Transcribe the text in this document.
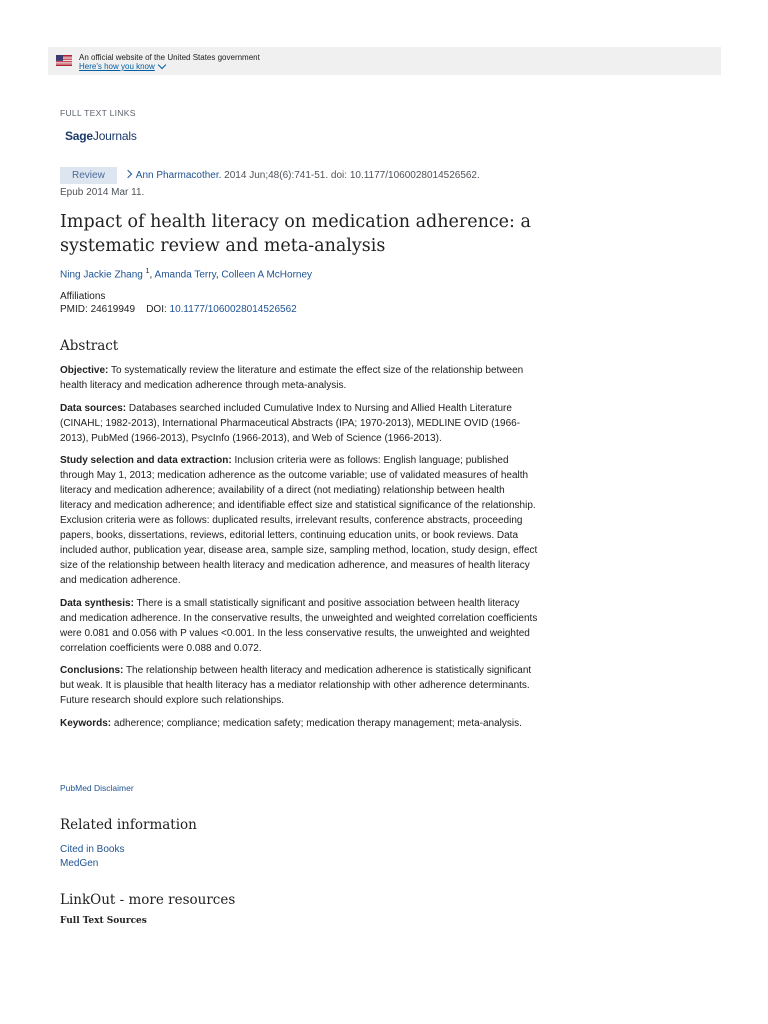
An official website of the United States government
Here's how you know
FULL TEXT LINKS
SageJournals
Review	Ann Pharmacother. 2014 Jun;48(6):741-51. doi: 10.1177/1060028014526562.
Epub 2014 Mar 11.
Impact of health literacy on medication adherence: a systematic review and meta-analysis
Ning Jackie Zhang $^1$, Amanda Terry, Colleen A McHorney
Affiliations
PMID: 24619949 DOI: 10.1177/1060028014526562
Abstract

Objective: To systematically review the literature and estimate the effect size of the relationship between health literacy and medication adherence through meta-analysis.

Data sources: Databases searched included Cumulative Index to Nursing and Allied Health Literature (CINAHL; 1982-2013), International Pharmaceutical Abstracts (IPA; 1970-2013), MEDLINE OVID (1966-2013), PubMed (1966-2013), PsycInfo (1966-2013), and Web of Science (1966-2013).

Study selection and data extraction: Inclusion criteria were as follows: English language; published through May 1, 2013; medication adherence as the outcome variable; use of validated measures of health literacy and medication adherence; availability of a direct (not mediating) relationship between health literacy and medication adherence; and identifiable effect size and statistical significance of the relationship. Exclusion criteria were as follows: duplicated results, irrelevant results, conference abstracts, proceeding papers, books, dissertations, reviews, editorial letters, continuing education units, or book reviews. Data included author, publication year, disease area, sample size, sampling method, location, study design, effect size of the relationship between health literacy and medication adherence, and measures of health literacy and medication adherence.

Data synthesis: There is a small statistically significant and positive association between health literacy and medication adherence. In the conservative results, the unweighted and weighted correlation coefficients were 0.081 and 0.056 with P values <0.001. In the less conservative results, the unweighted and weighted correlation coefficients were 0.088 and 0.072.

Conclusions: The relationship between health literacy and medication adherence is statistically significant but weak. It is plausible that health literacy has a mediator relationship with other adherence determinants. Future research should explore such relationships.

Keywords: adherence; compliance; medication safety; medication therapy management; meta-analysis.

PubMed Disclaimer
Related information
Cited in Books
MedGen
LinkOut - more resources
Full Text Sources
